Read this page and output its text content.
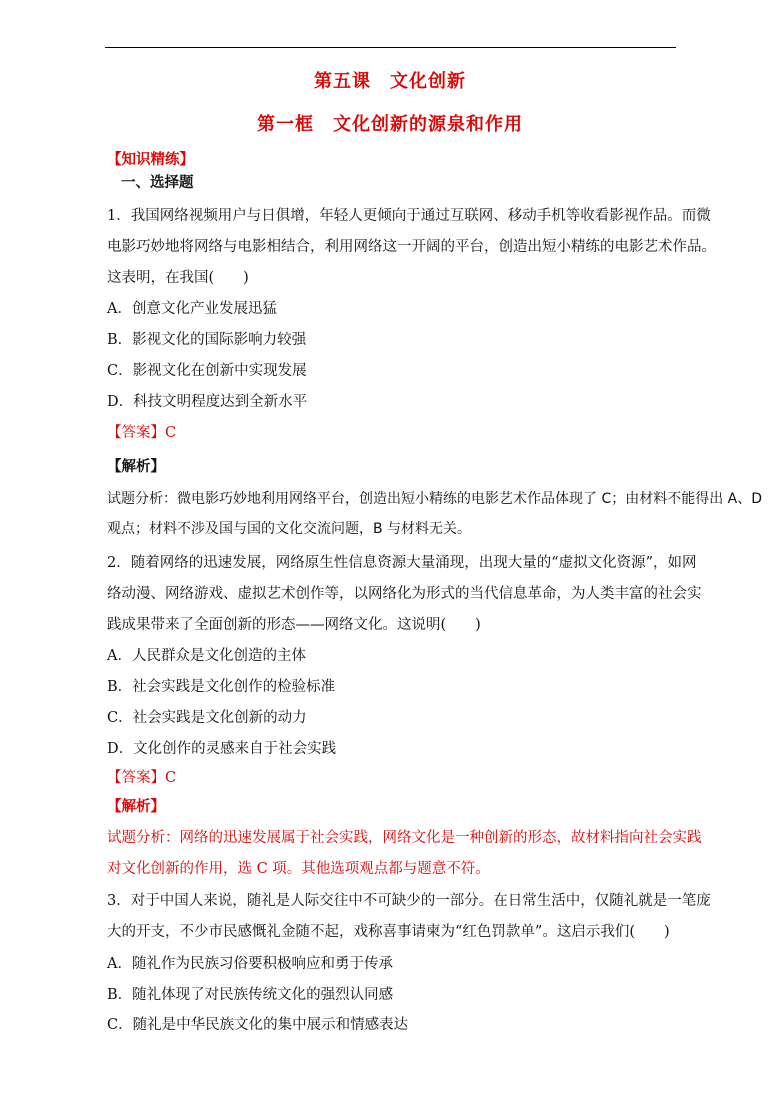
第五课　文化创新
第一框　文化创新的源泉和作用
【知识精练】
一、选择题
1．我国网络视频用户与日俱增，年轻人更倾向于通过互联网、移动手机等收看影视作品。而微
电影巧妙地将网络与电影相结合，利用网络这一开阔的平台，创造出短小精练的电影艺术作品。
这表明，在我国(　　)
A．创意文化产业发展迅猛
B．影视文化的国际影响力较强
C．影视文化在创新中实现发展
D．科技文明程度达到全新水平
【答案】C
【解析】
试题分析：微电影巧妙地利用网络平台，创造出短小精练的电影艺术作品体现了 C；由材料不能得出 A、D
观点；材料不涉及国与国的文化交流问题，B 与材料无关。
2．随着网络的迅速发展，网络原生性信息资源大量涌现，出现大量的“虚拟文化资源”，如网
络动漫、网络游戏、虚拟艺术创作等，以网络化为形式的当代信息革命，为人类丰富的社会实
践成果带来了全面创新的形态——网络文化。这说明(　　)
A．人民群众是文化创造的主体
B．社会实践是文化创作的检验标准
C．社会实践是文化创新的动力
D．文化创作的灵感来自于社会实践
【答案】C
【解析】
试题分析：网络的迅速发展属于社会实践，网络文化是一种创新的形态，故材料指向社会实践
对文化创新的作用，选 C 项。其他选项观点都与题意不符。
3．对于中国人来说，随礼是人际交往中不可缺少的一部分。在日常生活中，仅随礼就是一笔庞
大的开支，不少市民感慨礼金随不起，戏称喜事请柬为“红色罚款单”。这启示我们(　　)
A．随礼作为民族习俗要积极响应和勇于传承
B．随礼体现了对民族传统文化的强烈认同感
C．随礼是中华民族文化的集中展示和情感表达
